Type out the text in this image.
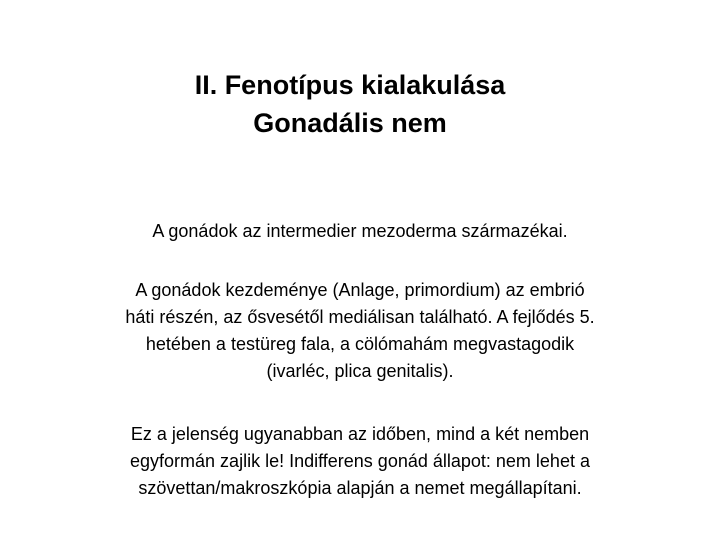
II. Fenotípus kialakulása
Gonadális nem
A gonádok az intermedier mezoderma származékai.
A gonádok kezdeménye (Anlage, primordium) az embrió
háti részén, az ősvesétől mediálisan található. A fejlődés 5.
hetében a testüreg fala, a cölómahám megvastagodik
(ivarléc, plica genitalis).
Ez a jelenség ugyanabban az időben, mind a két nemben
egyformán zajlik le! Indifferens gonád állapot: nem lehet a
szövettan/makroszkópia alapján a nemet megállapítani.
